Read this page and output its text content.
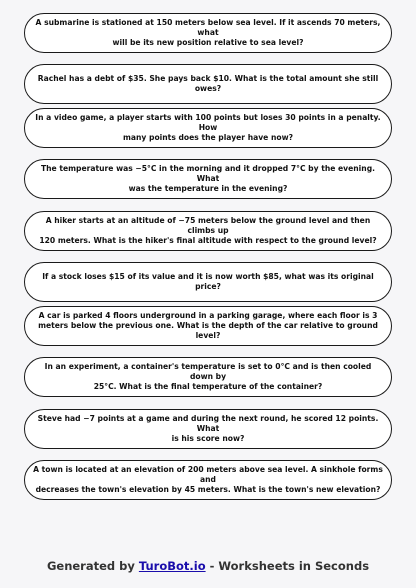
A submarine is stationed at 150 meters below sea level. If it ascends 70 meters, what
will be its new position relative to sea level?
Rachel has a debt of $35. She pays back $10. What is the total amount she still owes?
In a video game, a player starts with 100 points but loses 30 points in a penalty. How
many points does the player have now?
The temperature was −5°C in the morning and it dropped 7°C by the evening. What
was the temperature in the evening?
A hiker starts at an altitude of −75 meters below the ground level and then climbs up
120 meters. What is the hiker's final altitude with respect to the ground level?
If a stock loses $15 of its value and it is now worth $85, what was its original price?
A car is parked 4 floors underground in a parking garage, where each floor is 3
meters below the previous one. What is the depth of the car relative to ground level?
In an experiment, a container's temperature is set to 0°C and is then cooled down by
25°C. What is the final temperature of the container?
Steve had −7 points at a game and during the next round, he scored 12 points. What
is his score now?
A town is located at an elevation of 200 meters above sea level. A sinkhole forms and
decreases the town's elevation by 45 meters. What is the town's new elevation?
Generated by TuroBot.io - Worksheets in Seconds
